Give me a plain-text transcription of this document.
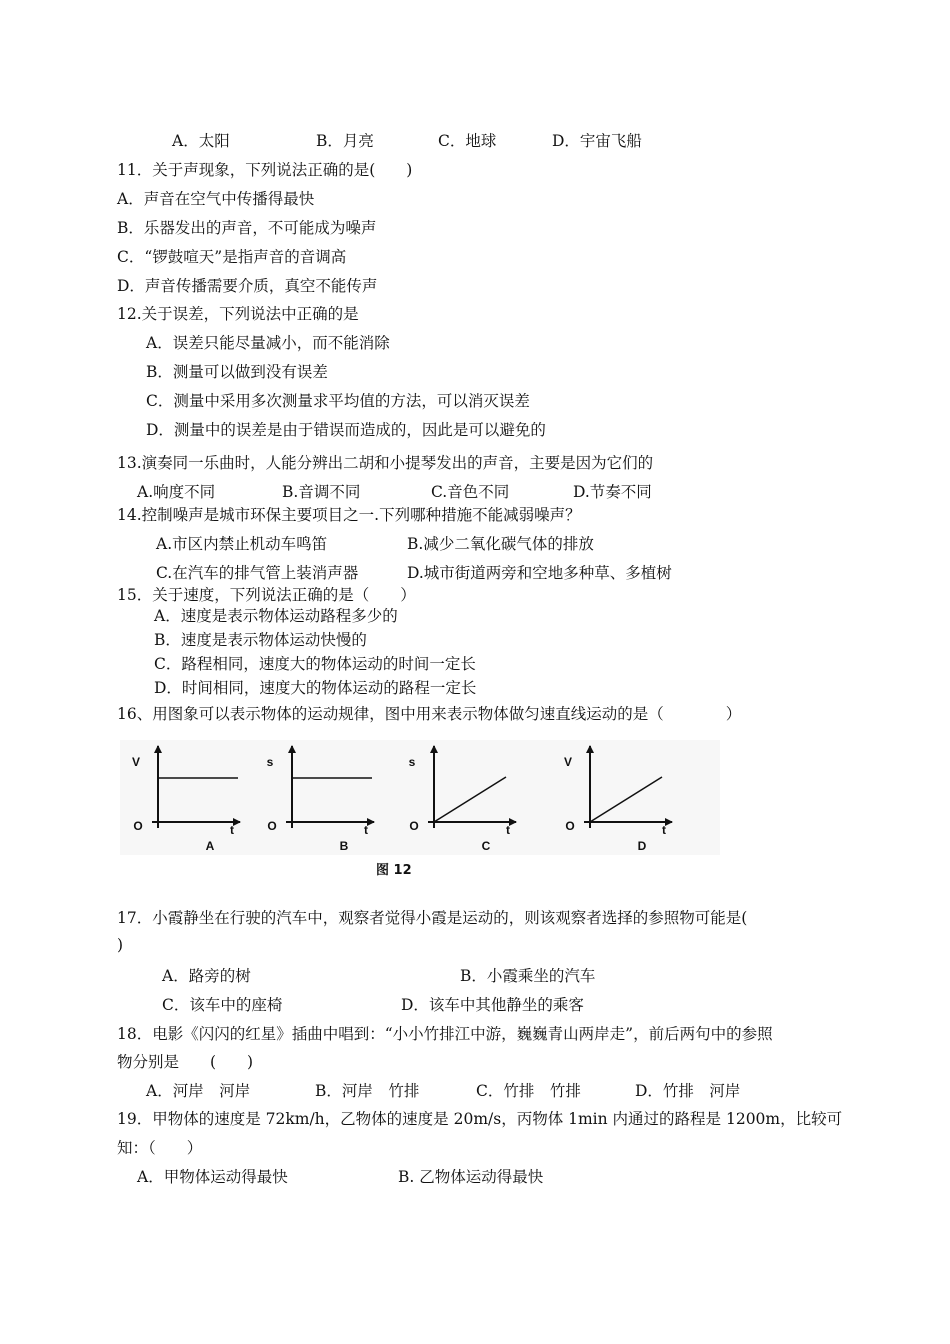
A．太阳	B．月亮	C．地球	D．宇宙飞船
11．关于声现象，下列说法正确的是(　　)
A．声音在空气中传播得最快
B．乐器发出的声音，不可能成为噪声
C．“锣鼓喧天”是指声音的音调高
D．声音传播需要介质，真空不能传声
12.关于误差，下列说法中正确的是
A．误差只能尽量减小，而不能消除
B．测量可以做到没有误差
C．测量中采用多次测量求平均值的方法，可以消灭误差
D．测量中的误差是由于错误而造成的，因此是可以避免的
13.演奏同一乐曲时，人能分辨出二胡和小提琴发出的声音，主要是因为它们的
A.响度不同	B.音调不同	C.音色不同	D.节奏不同
14.控制噪声是城市环保主要项目之一.下列哪种措施不能减弱噪声？
A.市区内禁止机动车鸣笛	B.减少二氧化碳气体的排放
C.在汽车的排气管上装消声器	D.城市街道两旁和空地多种草、多植树
15．关于速度，下列说法正确的是（　　）
A．速度是表示物体运动路程多少的
B．速度是表示物体运动快慢的
C．路程相同，速度大的物体运动的时间一定长
D．时间相同，速度大的物体运动的路程一定长
16、用图象可以表示物体的运动规律，图中用来表示物体做匀速直线运动的是（　　　　）
V
O	t
A
s
O	t
B
s
O	t
C
V
O	t
D
图 12
17．小霞静坐在行驶的汽车中，观察者觉得小霞是运动的，则该观察者选择的参照物可能是(
)
A．路旁的树	B．小霞乘坐的汽车
C．该车中的座椅	D．该车中其他静坐的乘客
18．电影《闪闪的红星》插曲中唱到：“小小竹排江中游，巍巍青山两岸走”，前后两句中的参照
物分别是　　(　　)
A．河岸　河岸	B．河岸　竹排	C．竹排　竹排	D．竹排　河岸
19．甲物体的速度是 72km/h，乙物体的速度是 20m/s，丙物体 1min 内通过的路程是 1200m，比较可
知：（　　）
A．甲物体运动得最快	B. 乙物体运动得最快
